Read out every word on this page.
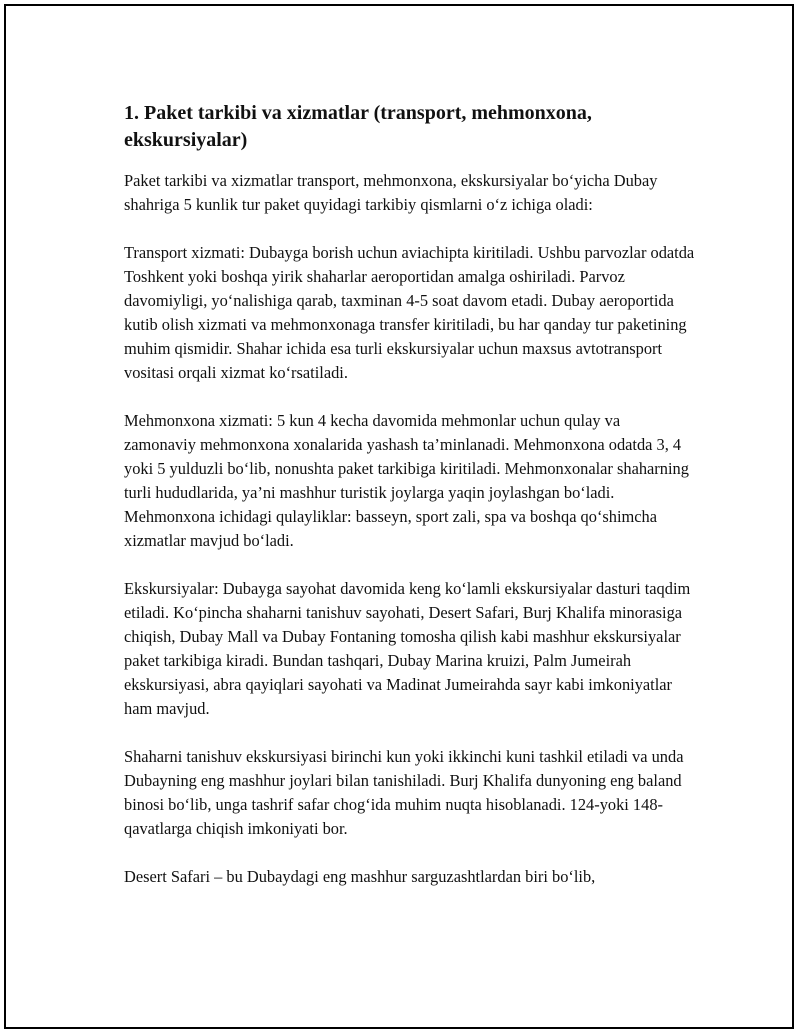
1. Paket tarkibi va xizmatlar (transport, mehmonxona, ekskursiyalar)

Paket tarkibi va xizmatlar transport, mehmonxona, ekskursiyalar bo‘yicha Dubay shahriga 5 kunlik tur paket quyidagi tarkibiy qismlarni o‘z ichiga oladi:

Transport xizmati: Dubayga borish uchun aviachipta kiritiladi. Ushbu parvozlar odatda Toshkent yoki boshqa yirik shaharlar aeroportidan amalga oshiriladi. Parvoz davomiyligi, yo‘nalishiga qarab, taxminan 4-5 soat davom etadi. Dubay aeroportida kutib olish xizmati va mehmonxonaga transfer kiritiladi, bu har qanday tur paketining muhim qismidir. Shahar ichida esa turli ekskursiyalar uchun maxsus avtotransport vositasi orqali xizmat ko‘rsatiladi.

Mehmonxona xizmati: 5 kun 4 kecha davomida mehmonlar uchun qulay va zamonaviy mehmonxona xonalarida yashash ta’minlanadi. Mehmonxona odatda 3, 4 yoki 5 yulduzli bo‘lib, nonushta paket tarkibiga kiritiladi. Mehmonxonalar shaharning turli hududlarida, ya’ni mashhur turistik joylarga yaqin joylashgan bo‘ladi. Mehmonxona ichidagi qulayliklar: basseyn, sport zali, spa va boshqa qo‘shimcha xizmatlar mavjud bo‘ladi.

Ekskursiyalar: Dubayga sayohat davomida keng ko‘lamli ekskursiyalar dasturi taqdim etiladi. Ko‘pincha shaharni tanishuv sayohati, Desert Safari, Burj Khalifa minorasiga chiqish, Dubay Mall va Dubay Fontaning tomosha qilish kabi mashhur ekskursiyalar paket tarkibiga kiradi. Bundan tashqari, Dubay Marina kruizi, Palm Jumeirah ekskursiyasi, abra qayiqlari sayohati va Madinat Jumeirahda sayr kabi imkoniyatlar ham mavjud.

Shaharni tanishuv ekskursiyasi birinchi kun yoki ikkinchi kuni tashkil etiladi va unda Dubayning eng mashhur joylari bilan tanishiladi. Burj Khalifa dunyoning eng baland binosi bo‘lib, unga tashrif safar chog‘ida muhim nuqta hisoblanadi. 124-yoki 148-qavatlarga chiqish imkoniyati bor.

Desert Safari – bu Dubaydagi eng mashhur sarguzashtlardan biri bo‘lib,
